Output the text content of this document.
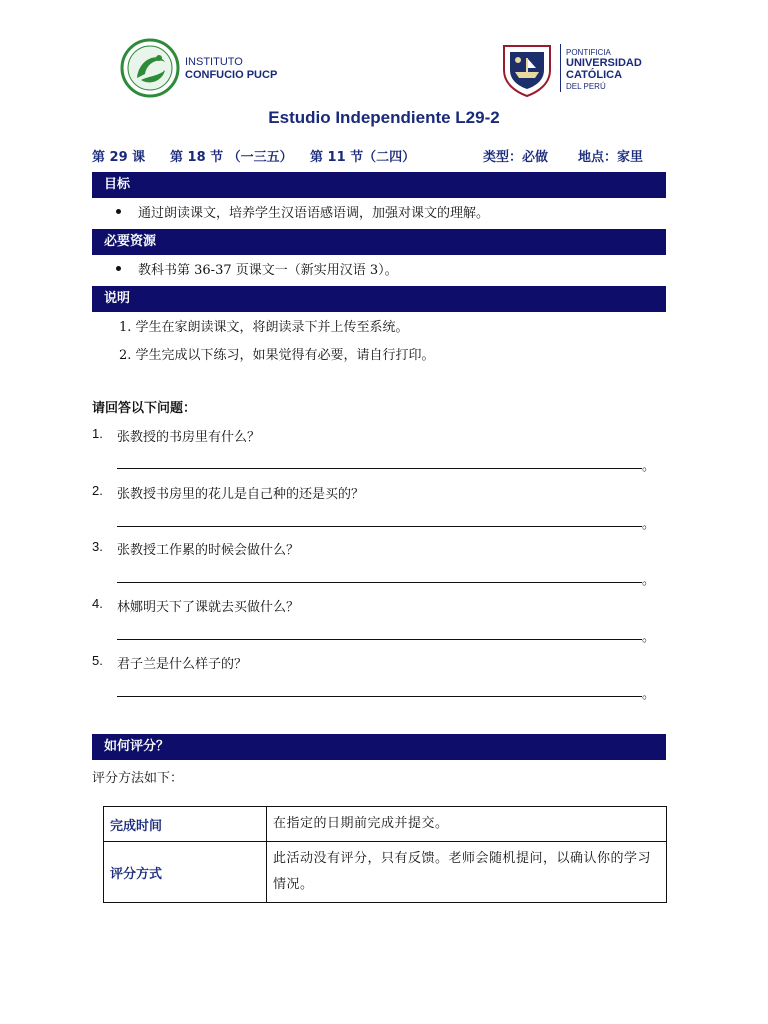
INSTITUTO
CONFUCIO PUCP
PONTIFICIA
UNIVERSIDAD
CATÓLICA
DEL PERÚ
Estudio Independiente L29-2
第 29 课 第 18 节 （一三五） 第 11 节（二四）	类型：必做 地点：家里
目标
通过朗读课文，培养学生汉语语感语调，加强对课文的理解。
必要资源
教科书第 36-37 页课文一（新实用汉语 3）。
说明
1. 学生在家朗读课文，将朗读录下并上传至系统。
2. 学生完成以下练习，如果觉得有必要，请自行打印。
请回答以下问题：
1. 张教授的书房里有什么？
。
2. 张教授书房里的花儿是自己种的还是买的？
。
3. 张教授工作累的时候会做什么？
。
4. 林娜明天下了课就去买做什么？
。
5. 君子兰是什么样子的？
。
如何评分？
评分方法如下：
完成时间	在指定的日期前完成并提交。
评分方式	此活动没有评分，只有反馈。老师会随机提问，以确认你的学习情况。
